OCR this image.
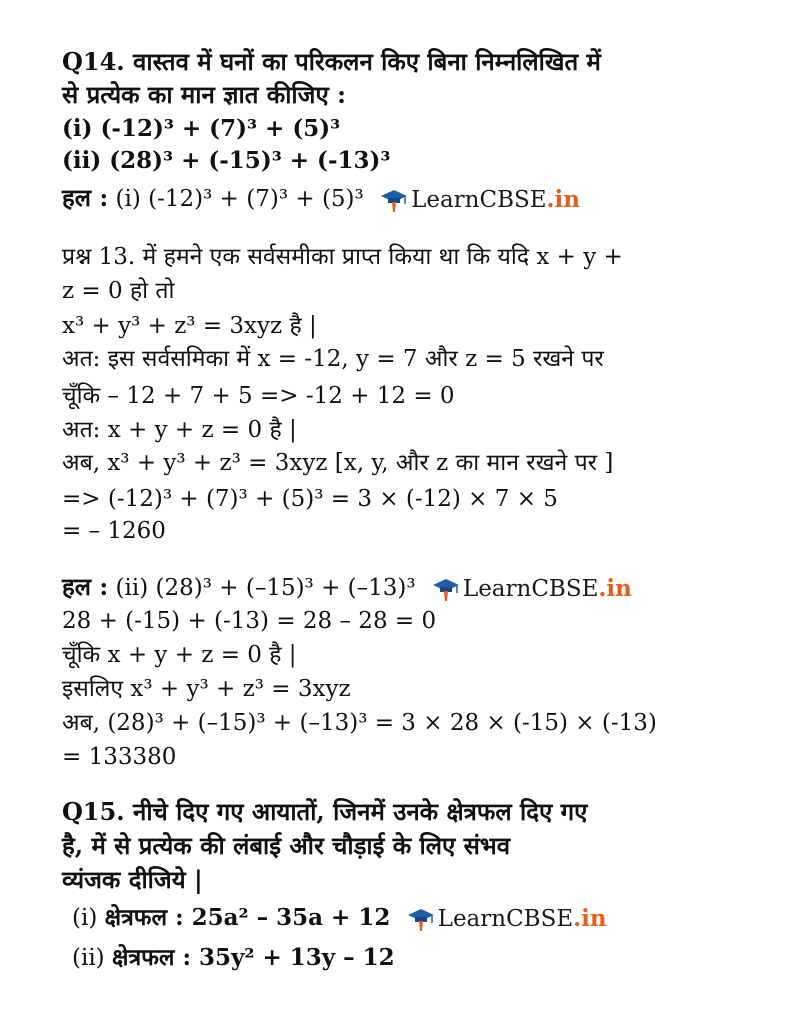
Q14. वास्तव में घनों का परिकलन किए बिना निम्नलिखित में
से प्रत्येक का मान ज्ञात कीजिए :
(i) (-12)³ + (7)³ + (5)³
(ii) (28)³ + (-15)³ + (-13)³
हल : (i) (-12)³ + (7)³ + (5)³ LearnCBSE .in
प्रश्न 13. में हमने एक सर्वसमीका प्राप्त किया था कि यदि x + y +
z = 0 हो तो
x³ + y³ + z³ = 3xyz है |
अत: इस सर्वसमिका में x = -12, y = 7 और z = 5 रखने पर
चूँकि – 12 + 7 + 5 => -12 + 12 = 0
अत: x + y + z = 0 है |
अब, x³ + y³ + z³ = 3xyz [x, y, और z का मान रखने पर ]
=> (-12)³ + (7)³ + (5)³ = 3 × (-12) × 7 × 5
= – 1260
हल : (ii) (28)³ + (–15)³ + (–13)³ LearnCBSE .in
28 + (-15) + (-13) = 28 – 28 = 0
चूँकि x + y + z = 0 है |
इसलिए x³ + y³ + z³ = 3xyz
अब, (28)³ + (–15)³ + (–13)³ = 3 × 28 × (-15) × (-13)
= 133380
Q15. नीचे दिए गए आयातों, जिनमें उनके क्षेत्रफल दिए गए
है, में से प्रत्येक की लंबाई और चौड़ाई के लिए संभव
व्यंजक दीजिये |
(i) क्षेत्रफल : 25a² – 35a + 12 LearnCBSE .in
(ii) क्षेत्रफल : 35y² + 13y – 12
